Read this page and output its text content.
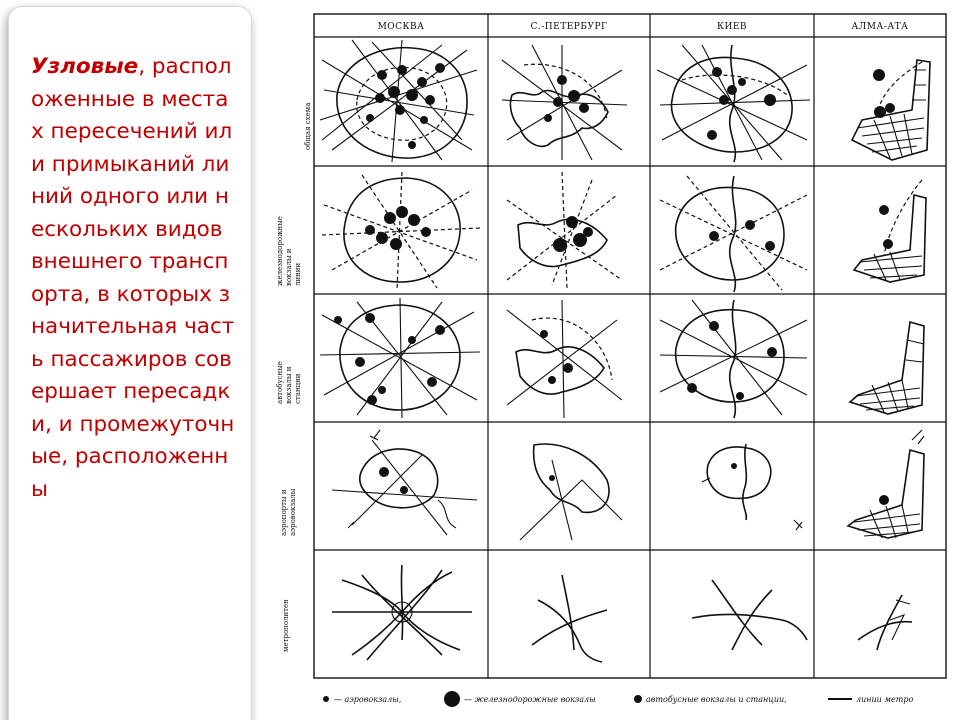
Узловые, расположенные в местах пересечений или примыканий линий одного или нескольких видов внешнего транспорта, в которых значительная часть пассажиров совершает пересадки, и промежуточные, расположенны

МОСКВА	С.-ПЕТЕРБУРГ	КИЕВ	АЛМА-АТА
общая схема
железнодорожные вокзалы и линии
автобусные вокзалы и станции
аэропорты и аэровокзалы
метрополитен
— аэровокзалы,	— железнодорожные вокзалы	автобусные вокзалы и станции,	линии метро
